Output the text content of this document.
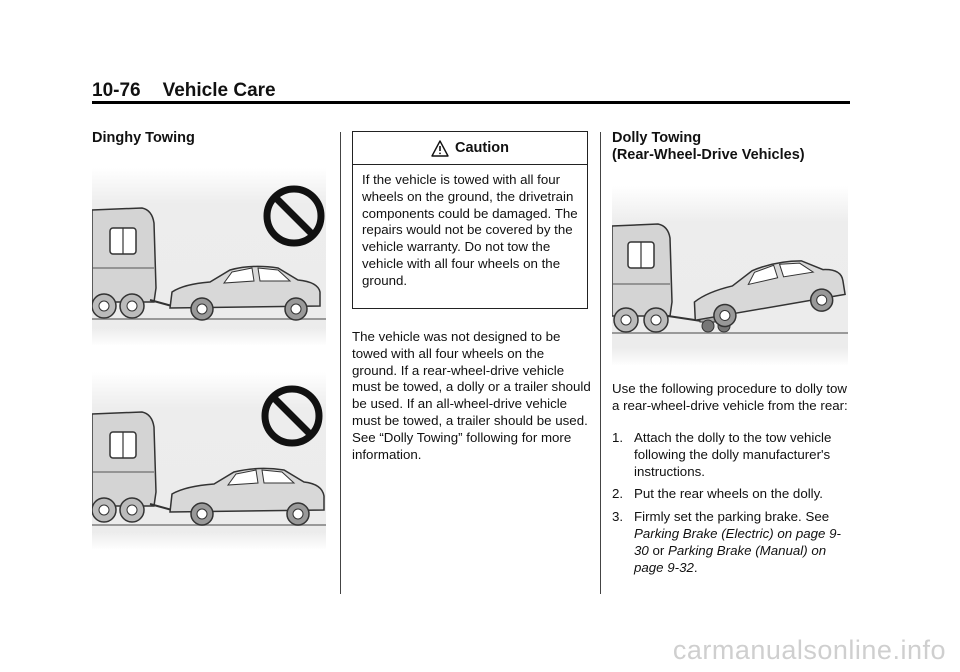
10-76 Vehicle Care
Dinghy Towing
Caution
If the vehicle is towed with all four wheels on the ground, the drivetrain components could be damaged. The repairs would not be covered by the vehicle warranty. Do not tow the vehicle with all four wheels on the ground.
The vehicle was not designed to be towed with all four wheels on the ground. If a rear-wheel-drive vehicle must be towed, a dolly or a trailer should be used. If an all-wheel-drive vehicle must be towed, a trailer should be used. See “Dolly Towing” following for more information.
Dolly Towing
(Rear-Wheel-Drive Vehicles)
Use the following procedure to dolly tow a rear-wheel-drive vehicle from the rear:
1. Attach the dolly to the tow vehicle following the dolly manufacturer's instructions.
2. Put the rear wheels on the dolly.
3. Firmly set the parking brake. See Parking Brake (Electric) on page 9-30 or Parking Brake (Manual) on page 9-32.
carmanualsonline.info
